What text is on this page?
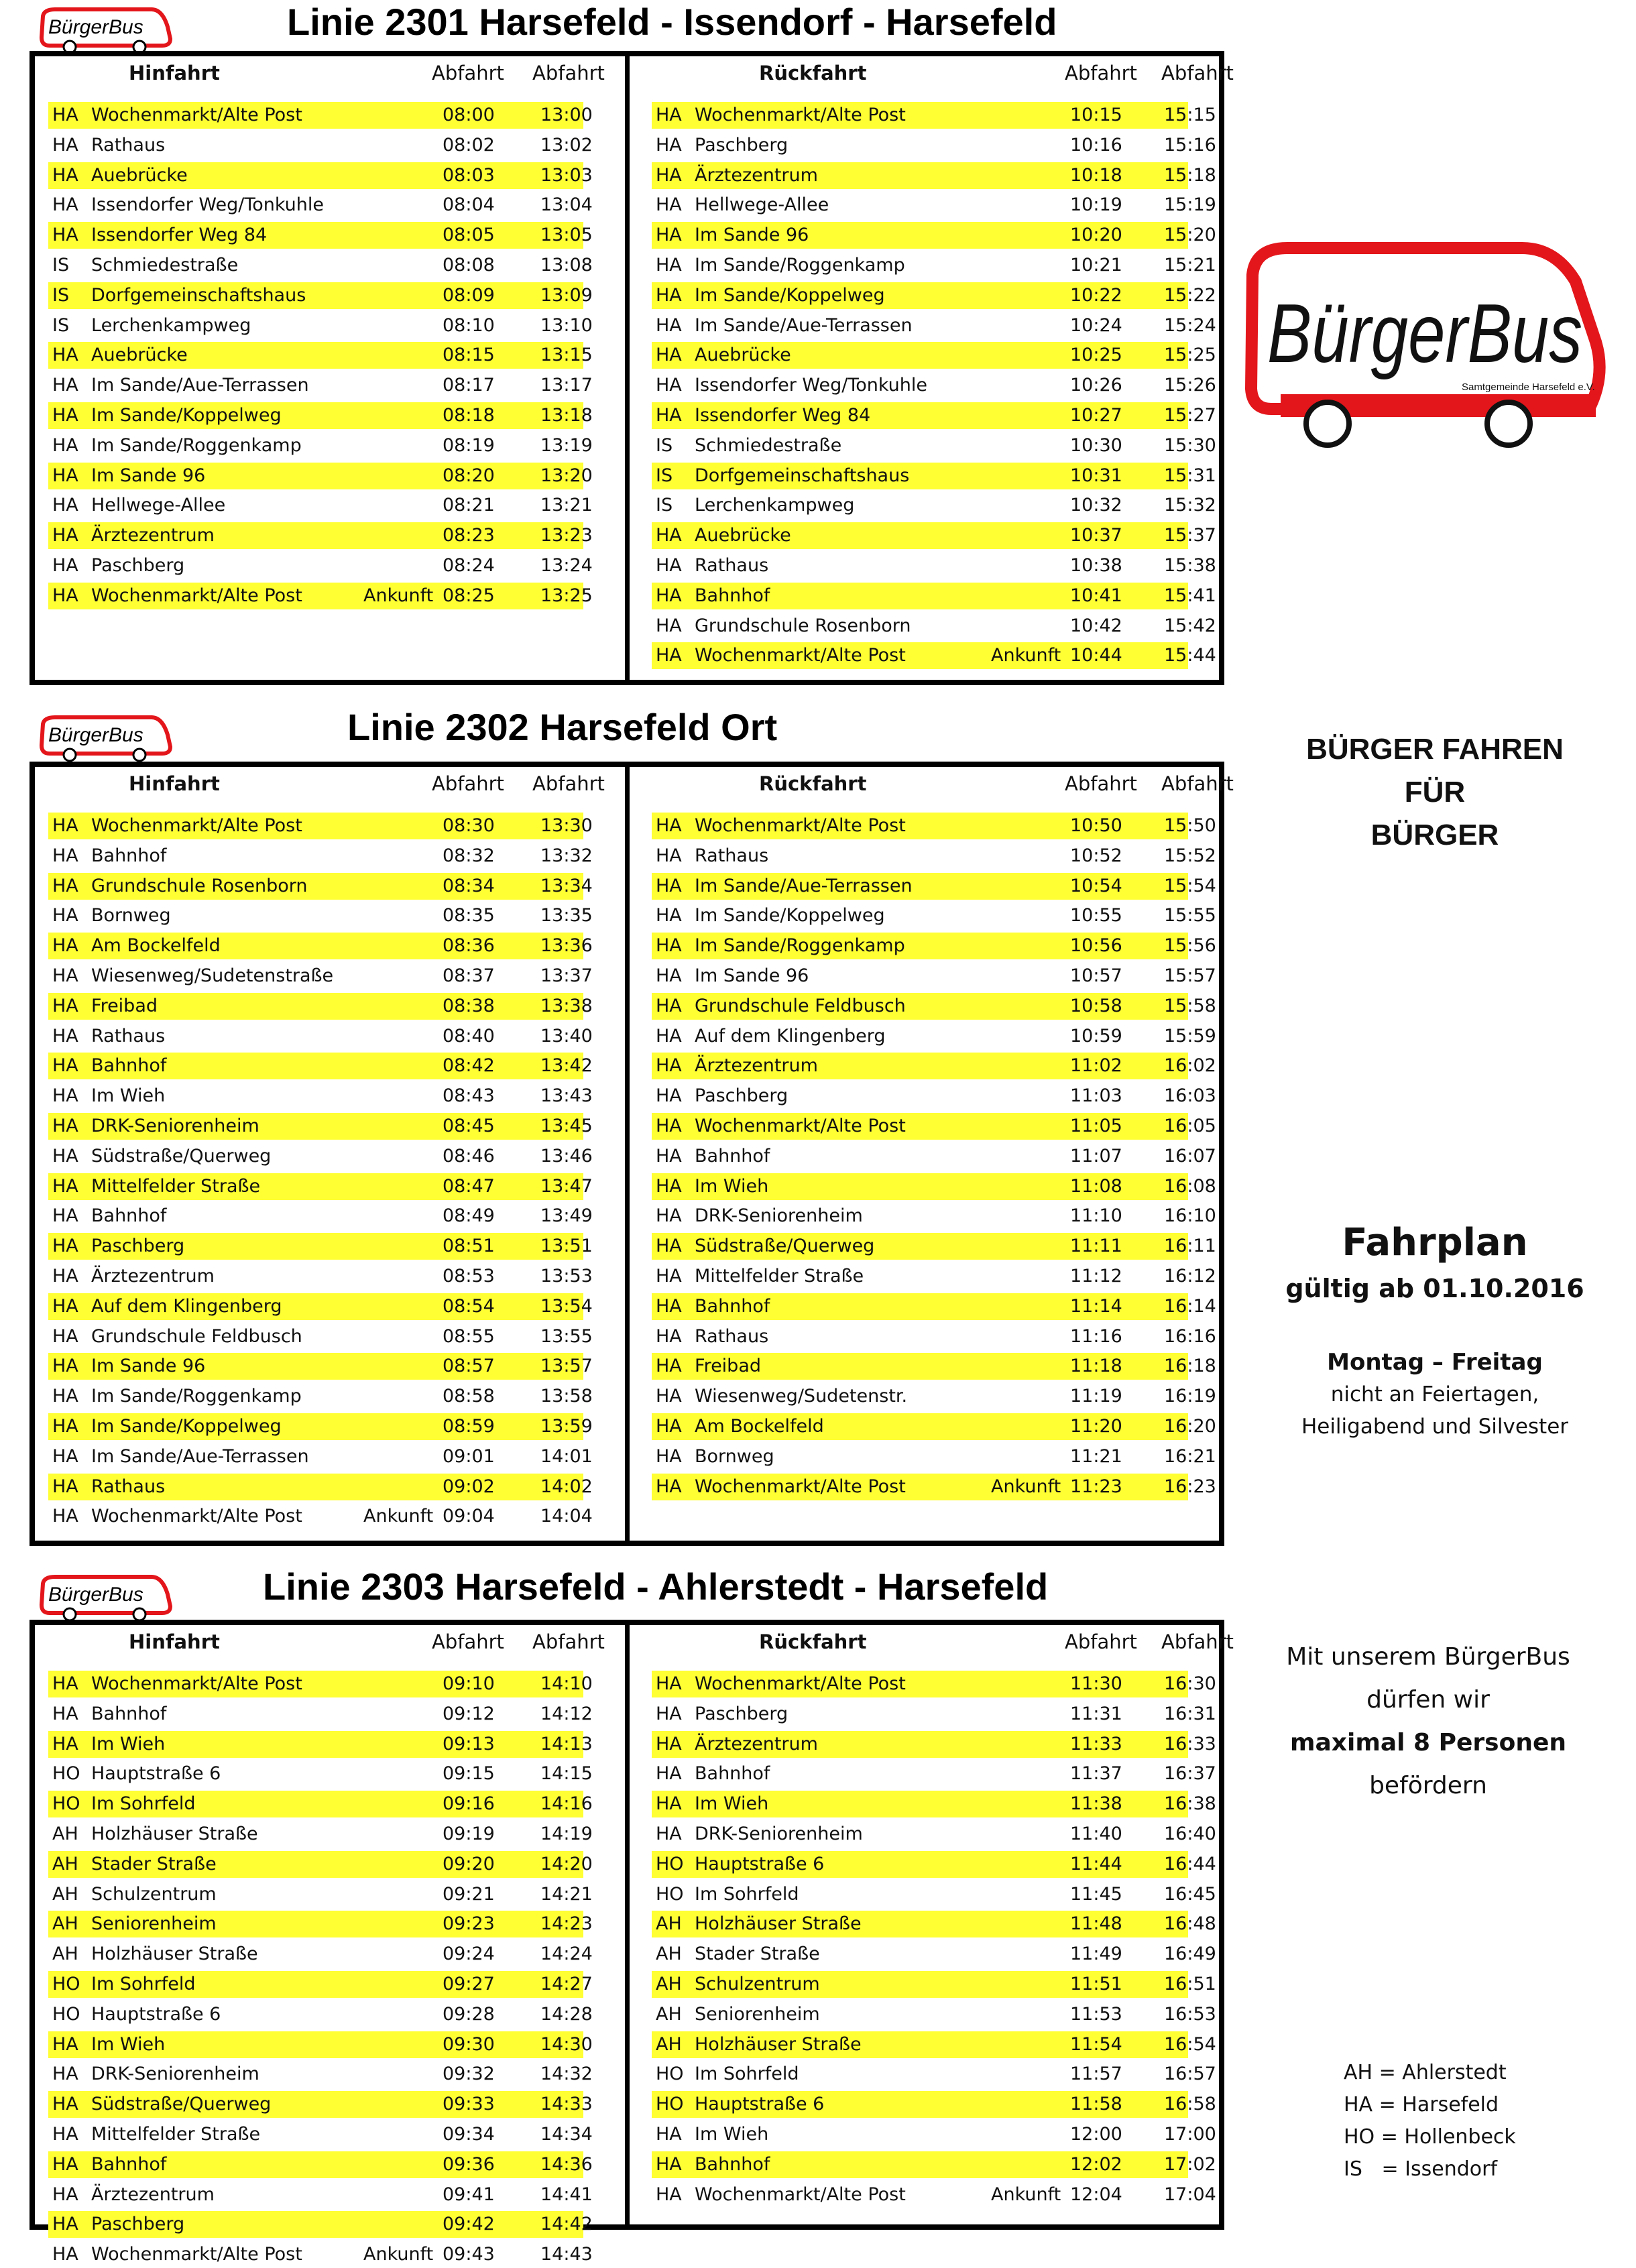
BürgerBus	Linie 2301 Harsefeld - Issendorf - Harsefeld
Hinfahrt	Abfahrt Abfahrt
HA Wochenmarkt/Alte Post	08:00	13:00
HA Rathaus	08:02	13:02
HA Auebrücke	08:03	13:03
HA Issendorfer Weg/Tonkuhle	08:04	13:04
HA Issendorfer Weg 84	08:05	13:05
IS Schmiedestraße	08:08	13:08
IS Dorfgemeinschaftshaus	08:09	13:09
IS Lerchenkampweg	08:10	13:10
HA Auebrücke	08:15	13:15
HA Im Sande/Aue-Terrassen	08:17	13:17
HA Im Sande/Koppelweg	08:18	13:18
HA Im Sande/Roggenkamp	08:19	13:19
HA Im Sande 96	08:20	13:20
HA Hellwege-Allee	08:21	13:21
HA Ärztezentrum	08:23	13:23
HA Paschberg	08:24	13:24
HA Wochenmarkt/Alte Post	Ankunft 08:25	13:25
Rückfahrt	Abfahrt Abfahrt
HA Wochenmarkt/Alte Post	10:15 15:15
HA Paschberg	10:16 15:16
HA Ärztezentrum	10:18 15:18
HA Hellwege-Allee	10:19 15:19
HA Im Sande 96	10:20 15:20
HA Im Sande/Roggenkamp	10:21 15:21
HA Im Sande/Koppelweg	10:22 15:22
HA Im Sande/Aue-Terrassen	10:24 15:24
HA Auebrücke	10:25 15:25
HA Issendorfer Weg/Tonkuhle	10:26 15:26
HA Issendorfer Weg 84	10:27 15:27
IS Schmiedestraße	10:30 15:30
IS Dorfgemeinschaftshaus	10:31 15:31
IS Lerchenkampweg	10:32 15:32
HA Auebrücke	10:37 15:37
HA Rathaus	10:38 15:38
HA Bahnhof	10:41 15:41
HA Grundschule Rosenborn	10:42 15:42
HA Wochenmarkt/Alte Post	Ankunft 10:44 15:44
BürgerBus	Linie 2302 Harsefeld Ort
Hinfahrt	Abfahrt Abfahrt
HA Wochenmarkt/Alte Post	08:30	13:30
HA Bahnhof	08:32	13:32
HA Grundschule Rosenborn	08:34	13:34
HA Bornweg	08:35	13:35
HA Am Bockelfeld	08:36	13:36
HA Wiesenweg/Sudetenstraße	08:37	13:37
HA Freibad	08:38	13:38
HA Rathaus	08:40	13:40
HA Bahnhof	08:42	13:42
HA Im Wieh	08:43	13:43
HA DRK-Seniorenheim	08:45	13:45
HA Südstraße/Querweg	08:46	13:46
HA Mittelfelder Straße	08:47	13:47
HA Bahnhof	08:49	13:49
HA Paschberg	08:51	13:51
HA Ärztezentrum	08:53	13:53
HA Auf dem Klingenberg	08:54	13:54
HA Grundschule Feldbusch	08:55	13:55
HA Im Sande 96	08:57	13:57
HA Im Sande/Roggenkamp	08:58	13:58
HA Im Sande/Koppelweg	08:59	13:59
HA Im Sande/Aue-Terrassen	09:01	14:01
HA Rathaus	09:02	14:02
HA Wochenmarkt/Alte Post	Ankunft 09:04	14:04
Rückfahrt	Abfahrt Abfahrt
HA Wochenmarkt/Alte Post	10:50 15:50
HA Rathaus	10:52 15:52
HA Im Sande/Aue-Terrassen	10:54 15:54
HA Im Sande/Koppelweg	10:55 15:55
HA Im Sande/Roggenkamp	10:56 15:56
HA Im Sande 96	10:57 15:57
HA Grundschule Feldbusch	10:58 15:58
HA Auf dem Klingenberg	10:59 15:59
HA Ärztezentrum	11:02 16:02
HA Paschberg	11:03 16:03
HA Wochenmarkt/Alte Post	11:05 16:05
HA Bahnhof	11:07 16:07
HA Im Wieh	11:08 16:08
HA DRK-Seniorenheim	11:10 16:10
HA Südstraße/Querweg	11:11 16:11
HA Mittelfelder Straße	11:12 16:12
HA Bahnhof	11:14 16:14
HA Rathaus	11:16 16:16
HA Freibad	11:18 16:18
HA Wiesenweg/Sudetenstr.	11:19 16:19
HA Am Bockelfeld	11:20 16:20
HA Bornweg	11:21 16:21
HA Wochenmarkt/Alte Post	Ankunft 11:23 16:23
BürgerBus	Linie 2303 Harsefeld - Ahlerstedt - Harsefeld
Hinfahrt	Abfahrt Abfahrt
HA Wochenmarkt/Alte Post	09:10	14:10
HA Bahnhof	09:12	14:12
HA Im Wieh	09:13	14:13
HO Hauptstraße 6	09:15	14:15
HO Im Sohrfeld	09:16	14:16
AH Holzhäuser Straße	09:19	14:19
AH Stader Straße	09:20	14:20
AH Schulzentrum	09:21	14:21
AH Seniorenheim	09:23	14:23
AH Holzhäuser Straße	09:24	14:24
HO Im Sohrfeld	09:27	14:27
HO Hauptstraße 6	09:28	14:28
HA Im Wieh	09:30	14:30
HA DRK-Seniorenheim	09:32	14:32
HA Südstraße/Querweg	09:33	14:33
HA Mittelfelder Straße	09:34	14:34
HA Bahnhof	09:36	14:36
HA Ärztezentrum	09:41	14:41
HA Paschberg	09:42	14:42
HA Wochenmarkt/Alte Post	Ankunft 09:43	14:43
Rückfahrt	Abfahrt Abfahrt
HA Wochenmarkt/Alte Post	11:30 16:30
HA Paschberg	11:31 16:31
HA Ärztezentrum	11:33 16:33
HA Bahnhof	11:37 16:37
HA Im Wieh	11:38 16:38
HA DRK-Seniorenheim	11:40 16:40
HO Hauptstraße 6	11:44 16:44
HO Im Sohrfeld	11:45 16:45
AH Holzhäuser Straße	11:48 16:48
AH Stader Straße	11:49 16:49
AH Schulzentrum	11:51 16:51
AH Seniorenheim	11:53 16:53
AH Holzhäuser Straße	11:54 16:54
HO Im Sohrfeld	11:57 16:57
HO Hauptstraße 6	11:58 16:58
HA Im Wieh	12:00 17:00
HA Bahnhof	12:02 17:02
HA Wochenmarkt/Alte Post	Ankunft 12:04 17:04
BürgerBus
Samtgemeinde Harsefeld e.V.
BÜRGER FAHREN
FÜR
BÜRGER
Fahrplan
gültig ab 01.10.2016
Montag – Freitag
nicht an Feiertagen,
Heiligabend und Silvester
Mit unserem BürgerBus
dürfen wir
maximal 8 Personen
befördern
AH = Ahlerstedt
HA = Harsefeld
HO = Hollenbeck
IS   = Issendorf
